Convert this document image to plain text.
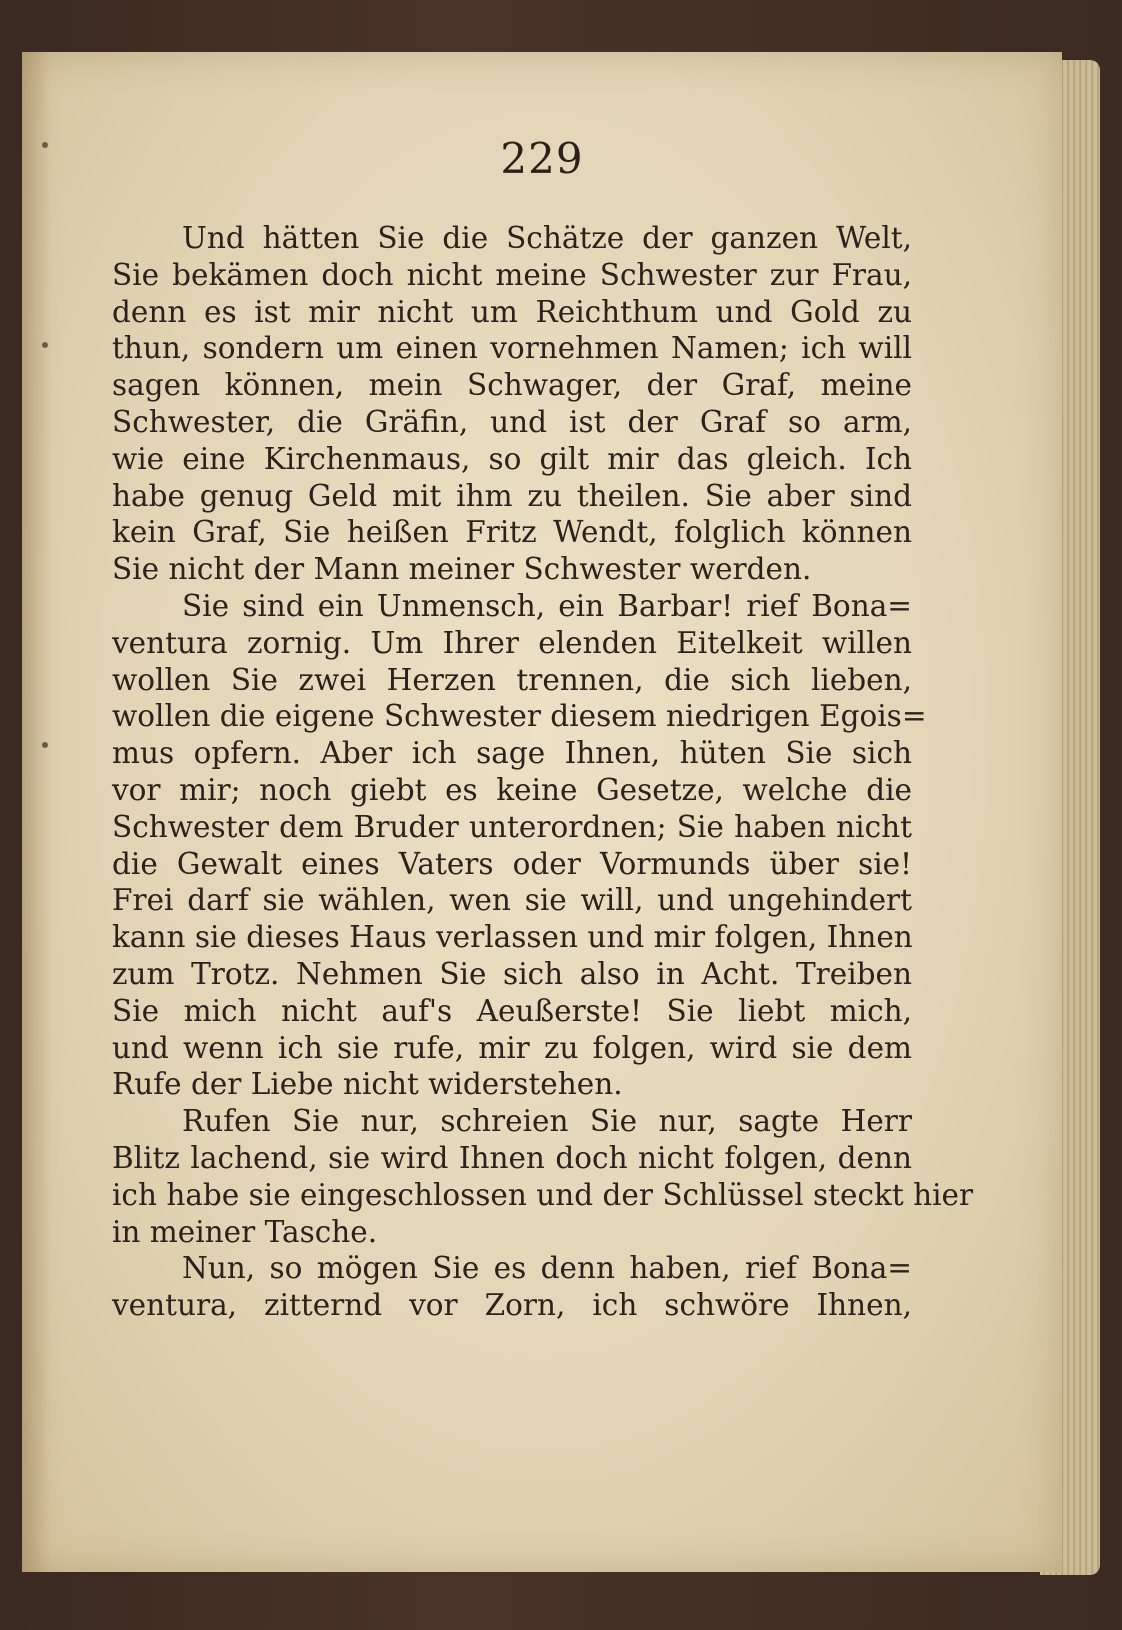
229
Und hätten Sie die Schätze der ganzen Welt,
Sie bekämen doch nicht meine Schwester zur Frau,
denn es ist mir nicht um Reichthum und Gold zu
thun, sondern um einen vornehmen Namen; ich will
sagen können, mein Schwager, der Graf, meine
Schwester, die Gräfin, und ist der Graf so arm,
wie eine Kirchenmaus, so gilt mir das gleich. Ich
habe genug Geld mit ihm zu theilen. Sie aber sind
kein Graf, Sie heißen Fritz Wendt, folglich können
Sie nicht der Mann meiner Schwester werden.
Sie sind ein Unmensch, ein Barbar! rief Bona=
ventura zornig. Um Ihrer elenden Eitelkeit willen
wollen Sie zwei Herzen trennen, die sich lieben,
wollen die eigene Schwester diesem niedrigen Egois=
mus opfern. Aber ich sage Ihnen, hüten Sie sich
vor mir; noch giebt es keine Gesetze, welche die
Schwester dem Bruder unterordnen; Sie haben nicht
die Gewalt eines Vaters oder Vormunds über sie!
Frei darf sie wählen, wen sie will, und ungehindert
kann sie dieses Haus verlassen und mir folgen, Ihnen
zum Trotz. Nehmen Sie sich also in Acht. Treiben
Sie mich nicht auf's Aeußerste! Sie liebt mich,
und wenn ich sie rufe, mir zu folgen, wird sie dem
Rufe der Liebe nicht widerstehen.
Rufen Sie nur, schreien Sie nur, sagte Herr
Blitz lachend, sie wird Ihnen doch nicht folgen, denn
ich habe sie eingeschlossen und der Schlüssel steckt hier
in meiner Tasche.
Nun, so mögen Sie es denn haben, rief Bona=
ventura, zitternd vor Zorn, ich schwöre Ihnen,
